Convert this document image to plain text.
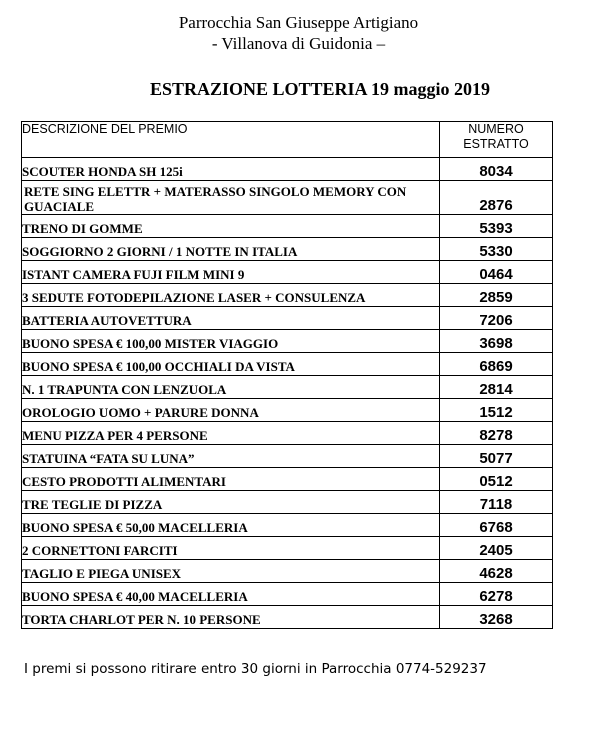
Parrocchia San Giuseppe Artigiano
- Villanova di Guidonia –
ESTRAZIONE LOTTERIA 19 maggio 2019
DESCRIZIONE DEL PREMIO	NUMERO
ESTRATTO

SCOUTER HONDA SH 125i	8034
RETE SING ELETTR + MATERASSO SINGOLO MEMORY CON GUACIALE	2876
TRENO DI GOMME	5393
SOGGIORNO 2 GIORNI / 1 NOTTE IN ITALIA	5330
ISTANT CAMERA FUJI FILM MINI 9	0464
3 SEDUTE FOTODEPILAZIONE LASER + CONSULENZA	2859
BATTERIA AUTOVETTURA	7206
BUONO SPESA € 100,00 MISTER VIAGGIO	3698
BUONO SPESA € 100,00 OCCHIALI DA VISTA	6869
N. 1 TRAPUNTA CON LENZUOLA	2814
OROLOGIO UOMO + PARURE DONNA	1512
MENU PIZZA PER 4 PERSONE	8278
STATUINA “FATA SU LUNA”	5077
CESTO PRODOTTI ALIMENTARI	0512
TRE TEGLIE DI PIZZA	7118
BUONO SPESA € 50,00 MACELLERIA	6768
2 CORNETTONI FARCITI	2405
TAGLIO E PIEGA UNISEX	4628
BUONO SPESA € 40,00 MACELLERIA	6278
TORTA CHARLOT PER N. 10 PERSONE	3268
I premi si possono ritirare entro 30 giorni in Parrocchia 0774-529237
